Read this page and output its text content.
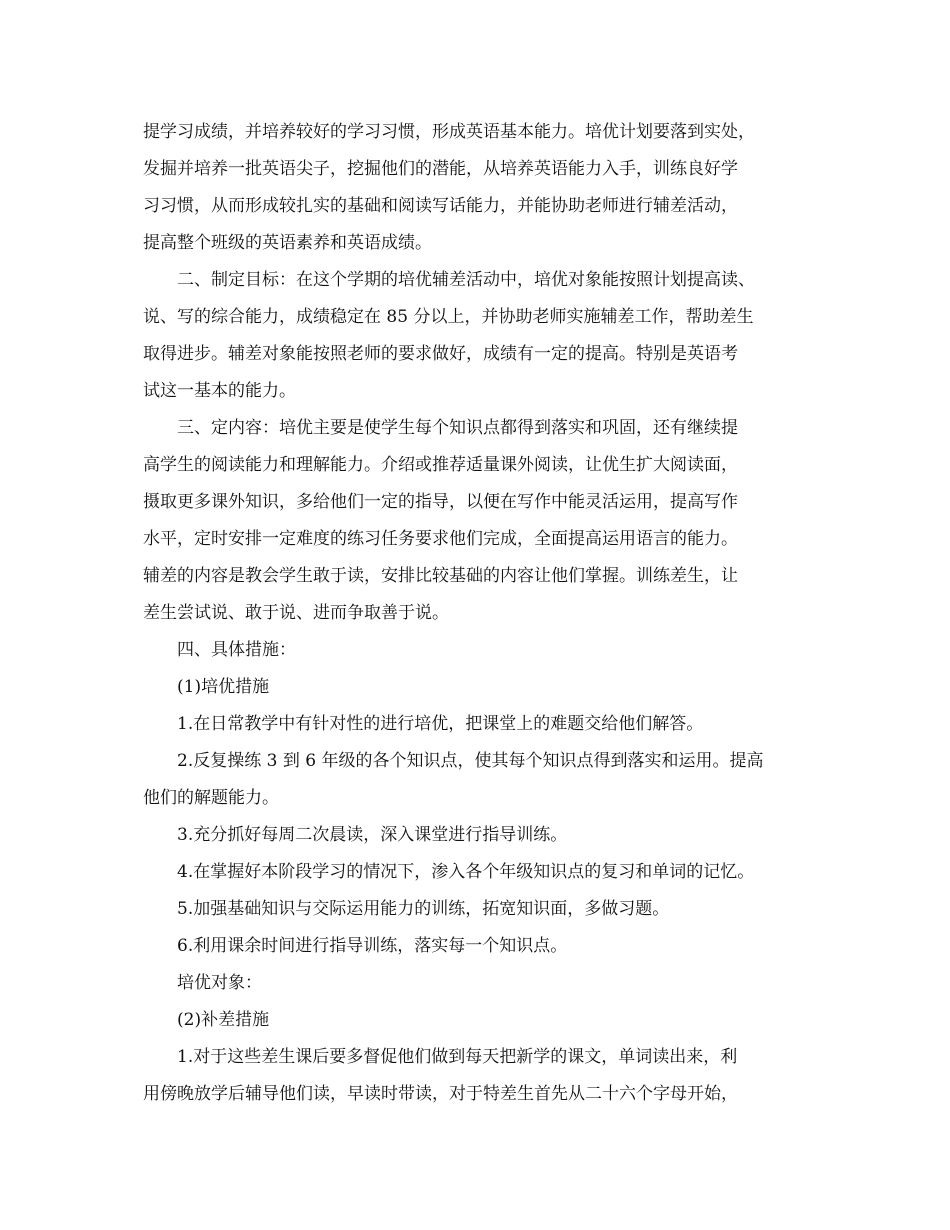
提学习成绩，并培养较好的学习习惯，形成英语基本能力。培优计划要落到实处，
发掘并培养一批英语尖子，挖掘他们的潜能，从培养英语能力入手，训练良好学
习习惯，从而形成较扎实的基础和阅读写话能力，并能协助老师进行辅差活动，
提高整个班级的英语素养和英语成绩。
二、制定目标：在这个学期的培优辅差活动中，培优对象能按照计划提高读、
说、写的综合能力，成绩稳定在 85 分以上，并协助老师实施辅差工作，帮助差生
取得进步。辅差对象能按照老师的要求做好，成绩有一定的提高。特别是英语考
试这一基本的能力。
三、定内容：培优主要是使学生每个知识点都得到落实和巩固，还有继续提
高学生的阅读能力和理解能力。介绍或推荐适量课外阅读，让优生扩大阅读面，
摄取更多课外知识，多给他们一定的指导，以便在写作中能灵活运用，提高写作
水平，定时安排一定难度的练习任务要求他们完成，全面提高运用语言的能力。
辅差的内容是教会学生敢于读，安排比较基础的内容让他们掌握。训练差生，让
差生尝试说、敢于说、进而争取善于说。
四、具体措施：
(1)培优措施
1.在日常教学中有针对性的进行培优，把课堂上的难题交给他们解答。
2.反复操练 3 到 6 年级的各个知识点，使其每个知识点得到落实和运用。提高
他们的解题能力。
3.充分抓好每周二次晨读，深入课堂进行指导训练。
4.在掌握好本阶段学习的情况下，渗入各个年级知识点的复习和单词的记忆。
5.加强基础知识与交际运用能力的训练，拓宽知识面，多做习题。
6.利用课余时间进行指导训练，落实每一个知识点。
培优对象：
(2)补差措施
1.对于这些差生课后要多督促他们做到每天把新学的课文，单词读出来，利
用傍晚放学后辅导他们读，早读时带读，对于特差生首先从二十六个字母开始，
